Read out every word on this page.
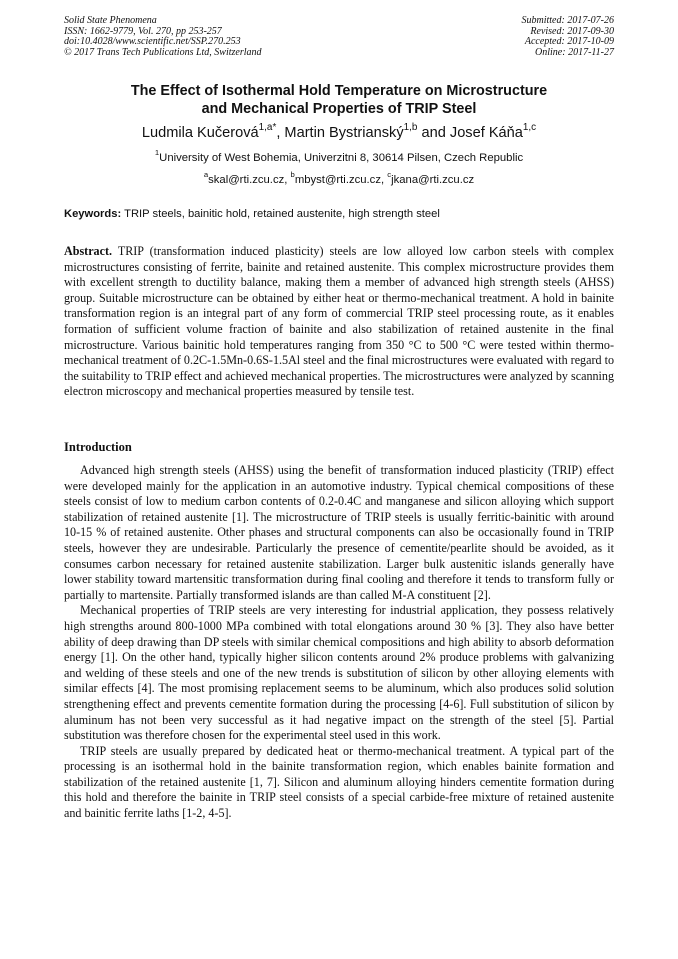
Solid State Phenomena
ISSN: 1662-9779, Vol. 270, pp 253-257
doi:10.4028/www.scientific.net/SSP.270.253
© 2017 Trans Tech Publications Ltd, Switzerland
Submitted: 2017-07-26
Revised: 2017-09-30
Accepted: 2017-10-09
Online: 2017-11-27
The Effect of Isothermal Hold Temperature on Microstructure
and Mechanical Properties of TRIP Steel
Ludmila Kučerová$^{1,a*}$, Martin Bystrianský$^{1,b}$ and Josef Káňa$^{1,c}$
$^1$University of West Bohemia, Univerzitni 8, 30614 Pilsen, Czech Republic
$^a$skal@rti.zcu.cz, $^b$mbyst@rti.zcu.cz, $^c$jkana@rti.zcu.cz
Keywords: TRIP steels, bainitic hold, retained austenite, high strength steel
Abstract. TRIP (transformation induced plasticity) steels are low alloyed low carbon steels with complex microstructures consisting of ferrite, bainite and retained austenite. This complex microstructure provides them with excellent strength to ductility balance, making them a member of advanced high strength steels (AHSS) group. Suitable microstructure can be obtained by either heat or thermo-mechanical treatment. A hold in bainite transformation region is an integral part of any form of commercial TRIP steel processing route, as it enables formation of sufficient volume fraction of bainite and also stabilization of retained austenite in the final microstructure. Various bainitic hold temperatures ranging from 350 °C to 500 °C were tested within thermo-mechanical treatment of 0.2C-1.5Mn-0.6S-1.5Al steel and the final microstructures were evaluated with regard to the suitability to TRIP effect and achieved mechanical properties. The microstructures were analyzed by scanning electron microscopy and mechanical properties measured by tensile test.
Introduction

Advanced high strength steels (AHSS) using the benefit of transformation induced plasticity (TRIP) effect were developed mainly for the application in an automotive industry. Typical chemical compositions of these steels consist of low to medium carbon contents of 0.2-0.4C and manganese and silicon alloying which support stabilization of retained austenite [1]. The microstructure of TRIP steels is usually ferritic-bainitic with around 10-15 % of retained austenite. Other phases and structural components can also be occasionally found in TRIP steels, however they are undesirable. Particularly the presence of cementite/pearlite should be avoided, as it consumes carbon necessary for retained austenite stabilization. Larger bulk austenitic islands generally have lower stability toward martensitic transformation during final cooling and therefore it tends to transform fully or partially to martensite. Partially transformed islands are than called M-A constituent [2].

Mechanical properties of TRIP steels are very interesting for industrial application, they possess relatively high strengths around 800-1000 MPa combined with total elongations around 30 % [3]. They also have better ability of deep drawing than DP steels with similar chemical compositions and high ability to absorb deformation energy [1]. On the other hand, typically higher silicon contents around 2% produce problems with galvanizing and welding of these steels and one of the new trends is substitution of silicon by other alloying elements with similar effects [4]. The most promising replacement seems to be aluminum, which also produces solid solution strengthening effect and prevents cementite formation during the processing [4-6]. Full substitution of silicon by aluminum has not been very successful as it had negative impact on the strength of the steel [5]. Partial substitution was therefore chosen for the experimental steel used in this work.

TRIP steels are usually prepared by dedicated heat or thermo-mechanical treatment. A typical part of the processing is an isothermal hold in the bainite transformation region, which enables bainite formation and stabilization of the retained austenite [1, 7]. Silicon and aluminum alloying hinders cementite formation during this hold and therefore the bainite in TRIP steel consists of a special carbide-free mixture of retained austenite and bainitic ferrite laths [1-2, 4-5].
